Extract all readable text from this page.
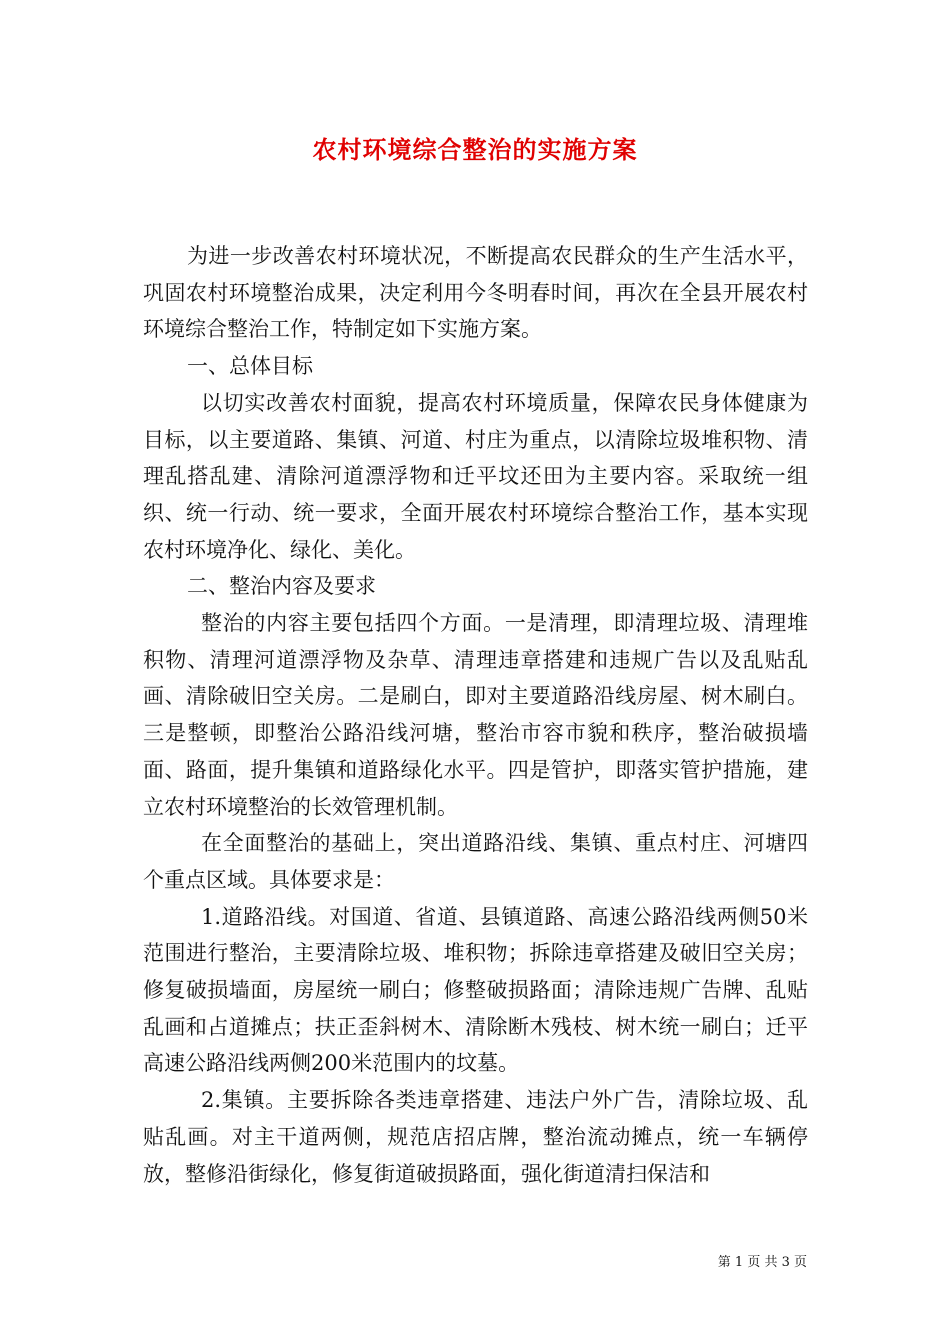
农村环境综合整治的实施方案

为进一步改善农村环境状况，不断提高农民群众的生产生活水平，巩固农村环境整治成果，决定利用今冬明春时间，再次在全县开展农村环境综合整治工作，特制定如下实施方案。

一、总体目标

以切实改善农村面貌，提高农村环境质量，保障农民身体健康为目标，以主要道路、集镇、河道、村庄为重点，以清除垃圾堆积物、清理乱搭乱建、清除河道漂浮物和迁平坟还田为主要内容。采取统一组织、统一行动、统一要求，全面开展农村环境综合整治工作，基本实现农村环境净化、绿化、美化。

二、整治内容及要求

整治的内容主要包括四个方面。一是清理，即清理垃圾、清理堆积物、清理河道漂浮物及杂草、清理违章搭建和违规广告以及乱贴乱画、清除破旧空关房。二是刷白，即对主要道路沿线房屋、树木刷白。三是整顿，即整治公路沿线河塘，整治市容市貌和秩序，整治破损墙面、路面，提升集镇和道路绿化水平。四是管护，即落实管护措施，建立农村环境整治的长效管理机制。

在全面整治的基础上，突出道路沿线、集镇、重点村庄、河塘四个重点区域。具体要求是：

1.道路沿线。对国道、省道、县镇道路、高速公路沿线两侧50米范围进行整治，主要清除垃圾、堆积物；拆除违章搭建及破旧空关房；修复破损墙面，房屋统一刷白；修整破损路面；清除违规广告牌、乱贴乱画和占道摊点；扶正歪斜树木、清除断木残枝、树木统一刷白；迁平高速公路沿线两侧200米范围内的坟墓。

2.集镇。主要拆除各类违章搭建、违法户外广告，清除垃圾、乱贴乱画。对主干道两侧，规范店招店牌，整治流动摊点，统一车辆停放，整修沿街绿化，修复街道破损路面，强化街道清扫保洁和

第 1 页 共 3 页
